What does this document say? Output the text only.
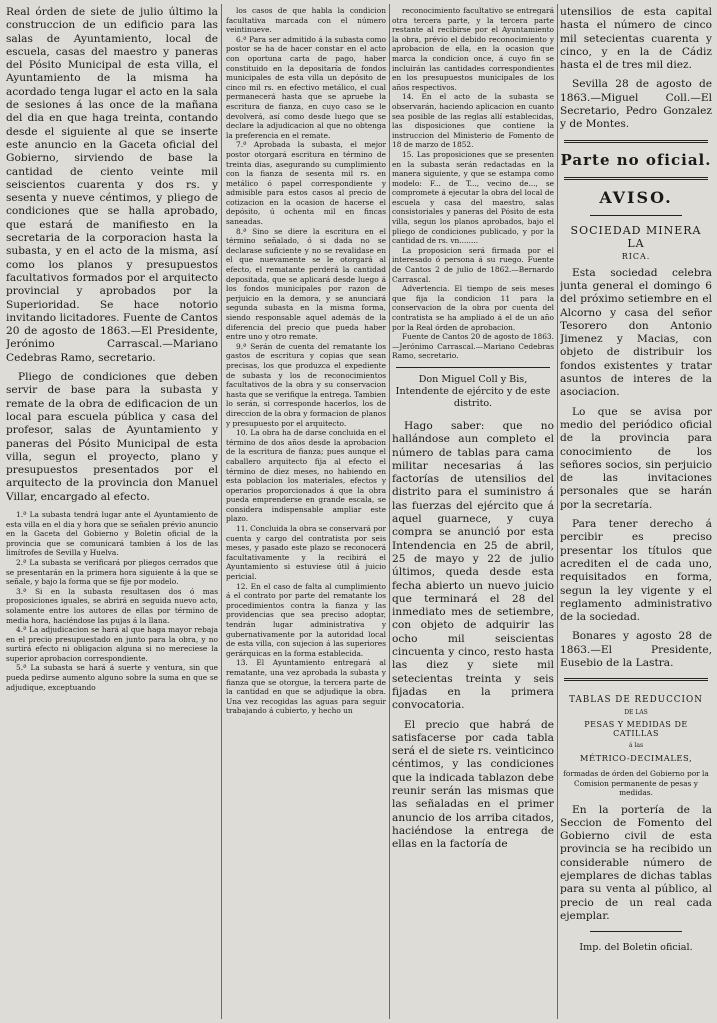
Real órden de siete de julio último la construccion de un edificio para las salas de Ayuntamiento, local de escuela, casas del maestro y paneras del Pósito Municipal de esta villa, el Ayuntamiento de la misma ha acordado tenga lugar el acto en la sala de sesiones á las once de la mañana del dia en que haga treinta, contando desde el siguiente al que se inserte este anuncio en la Gaceta oficial del Gobierno, sirviendo de base la cantidad de ciento veinte mil seiscientos cuarenta y dos rs. y sesenta y nueve céntimos, y pliego de condiciones que se halla aprobado, que estará de manifiesto en la secretaria de la corporacion hasta la subasta, y en el acto de la misma, así como los planos y presupuestos facultativos formados por el arquitecto provincial y aprobados por la Superioridad. Se hace notorio invitando licitadores. Fuente de Cantos 20 de agosto de 1863.—El Presidente, Jerónimo Carrascal.—Mariano Cedebras Ramo, secretario.

Pliego de condiciones que deben servir de base para la subasta y remate de la obra de edificacion de un local para escuela pública y casa del profesor, salas de Ayuntamiento y paneras del Pósito Municipal de esta villa, segun el proyecto, plano y presupuestos presentados por el arquitecto de la provincia don Manuel Villar, encargado al efecto.

1.ª La subasta tendrá lugar ante el Ayuntamiento de esta villa en el dia y hora que se señalen prévio anuncio en la Gaceta del Gobierno y Boletin oficial de la provincia que se comunicará tambien á los de las limítrofes de Sevilla y Huelva.

2.ª La subasta se verificará por pliegos cerrados que se presentarán en la primera hora siguiente á la que se señale, y bajo la forma que se fije por modelo.

3.ª Si en la subasta resultasen dos ó mas proposiciones iguales, se abrirá en seguida nuevo acto, solamente entre los autores de ellas por término de media hora, haciéndose las pujas á la llana.

4.ª La adjudicacion se hará al que haga mayor rebaja en el precio presupuestado en junto para la obra, y no surtirá efecto ni obligacion alguna si no mereciese la superior aprobacion correspondiente.

5.ª La subasta se hará á suerte y ventura, sin que pueda pedirse aumento alguno sobre la suma en que se adjudique, exceptuando

los casos de que habla la condicion facultativa marcada con el número veintinueve.

6.ª Para ser admitido á la subasta como postor se ha de hacer constar en el acto con oportuna carta de pago, haber constituido en la depositaría de fondos municipales de esta villa un depósito de cinco mil rs. en efectivo metálico, el cual permanecerá hasta que se apruebe la escritura de fianza, en cuyo caso se le devolverá, así como desde luego que se declare la adjudicacion al que no obtenga la preferencia en el remate.

7.ª Aprobada la subasta, el mejor postor otorgará escritura en término de treinta dias, asegurando su cumplimiento con la fianza de sesenta mil rs. en metálico ó papel correspondiente y admisible para estos casos al precio de cotizacion en la ocasion de hacerse el depósito, ú ochenta mil en fincas saneadas.

8.ª Sino se diere la escritura en el término señalado, ó si dada no se declarase suficiente y no se revalidase en el que nuevamente se le otorgará al efecto, el rematante perderá la cantidad depositada, que se aplicará desde luego á los fondos municipales por razon de perjuicio en la demora, y se anunciará segunda subasta en la misma forma, siendo responsable aquel además de la diferencia del precio que pueda haber entre uno y otro remate.

9.ª Serán de cuenta del rematante los gastos de escritura y copias que sean precisas, los que produzca el expediente de subasta y los de reconocimientos facultativos de la obra y su conservacion hasta que se verifique la entrega. Tambien lo serán, si corresponde hacerlos, los de direccion de la obra y formacion de planos y presupuesto por el arquitecto.

10. La obra ha de darse concluida en el término de dos años desde la aprobacion de la escritura de fianza; pues aunque el caballero arquitecto fija al efecto el término de diez meses, no habiendo en esta poblacion los materiales, efectos y operarios proporcionados á que la obra pueda emprenderse en grande escala, se considera indispensable ampliar este plazo.

11. Concluida la obra se conservará por cuenta y cargo del contratista por seis meses, y pasado este plazo se reconocerá facultativamente y la recibirá el Ayuntamiento si estuviese útil á juicio pericial.

12. En el caso de falta al cumplimiento á el contrato por parte del rematante los procedimientos contra la fianza y las providencias que sea preciso adoptar, tendrán lugar administrativa y gubernativamente por la autoridad local de esta villa, con sujecion á las superiores gerárquicas en la forma establecida.

13. El Ayuntamiento entregará al rematante, una vez aprobada la subasta y fianza que se otorgue, la tercera parte de la cantidad en que se adjudique la obra. Una vez recogidas las aguas para seguir trabajando á cubierto, y hecho un

reconocimiento facultativo se entregará otra tercera parte, y la tercera parte restante al recibirse por el Ayuntamiento la obra, prévio el debido reconocimiento y aprobacion de ella, en la ocasion que marca la condicion once, á cuyo fin se incluirán las cantidades correspondientes en los presupuestos municipales de los años respectivos.

14. En el acto de la subasta se observarán, haciendo aplicacion en cuanto sea posible de las reglas allí establecidas, las disposiciones que contiene la instruccion del Ministerio de Fomento de 18 de marzo de 1852.

15. Las proposiciones que se presenten en la subasta serán redactadas en la manera siguiente, y que se estampa como modelo: F... de T..., vecino de..., se compromete á ejecutar la obra del local de escuela y casa del maestro, salas consistoriales y paneras del Pósito de esta villa, segun los planos aprobados, bajo el pliego de condiciones publicado, y por la cantidad de rs. vn........

La proposicion será firmada por el interesado ó persona á su ruego. Fuente de Cantos 2 de julio de 1862.—Bernardo Carrascal.

Advertencia. El tiempo de seis meses que fija la condicion 11 para la conservacion de la obra por cuenta del contratista se ha ampliado á el de un año por la Real órden de aprobacion.

Fuente de Cantos 20 de agosto de 1863.—Jerónimo Carrascal.—Mariano Cedebras Ramo, secretario.

Don Miguel Coll y Bis, Intendente de ejército y de este distrito.

Hago saber: que no hallándose aun completo el número de tablas para cama militar necesarias á las factorías de utensilios del distrito para el suministro á las fuerzas del ejército que á aquel guarnece, y cuya compra se anunció por esta Intendencia en 25 de abril, 25 de mayo y 22 de julio últimos, queda desde esta fecha abierto un nuevo juicio que terminará el 28 del inmediato mes de setiembre, con objeto de adquirir las ocho mil seiscientas cincuenta y cinco, resto hasta las diez y siete mil setecientas treinta y seis fijadas en la primera convocatoria.

El precio que habrá de satisfacerse por cada tabla será el de siete rs. veinticinco céntimos, y las condiciones que la indicada tablazon debe reunir serán las mismas que las señaladas en el primer anuncio de los arriba citados, haciéndose la entrega de ellas en la factoría de

utensilios de esta capital hasta el número de cinco mil setecientas cuarenta y cinco, y en la de Cádiz hasta el de tres mil diez.

Sevilla 28 de agosto de 1863.—Miguel Coll.—El Secretario, Pedro Gonzalez y de Montes.

Parte no oficial.

AVISO.

SOCIEDAD MINERA LA

RICA.

Esta sociedad celebra junta general el domingo 6 del próximo setiembre en el Alcorno y casa del señor Tesorero don Antonio Jimenez y Macias, con objeto de distribuir los fondos existentes y tratar asuntos de interes de la asociacion.

Lo que se avisa por medio del periódico oficial de la provincia para conocimiento de los señores socios, sin perjuicio de las invitaciones personales que se harán por la secretaría.

Para tener derecho á percibir es preciso presentar los títulos que acrediten el de cada uno, requisitados en forma, segun la ley vigente y el reglamento administrativo de la sociedad.

Bonares y agosto 28 de 1863.—El Presidente, Eusebio de la Lastra.

TABLAS DE REDUCCION

DE LAS

PESAS Y MEDIDAS DE CATILLAS

á las

MÉTRICO-DECIMALES,

formadas de órden del Gobierno por la Comision permanente de pesas y medidas.

En la portería de la Seccion de Fomento del Gobierno civil de esta provincia se ha recibido un considerable número de ejemplares de dichas tablas para su venta al público, al precio de un real cada ejemplar.

Imp. del Boletin oficial.
